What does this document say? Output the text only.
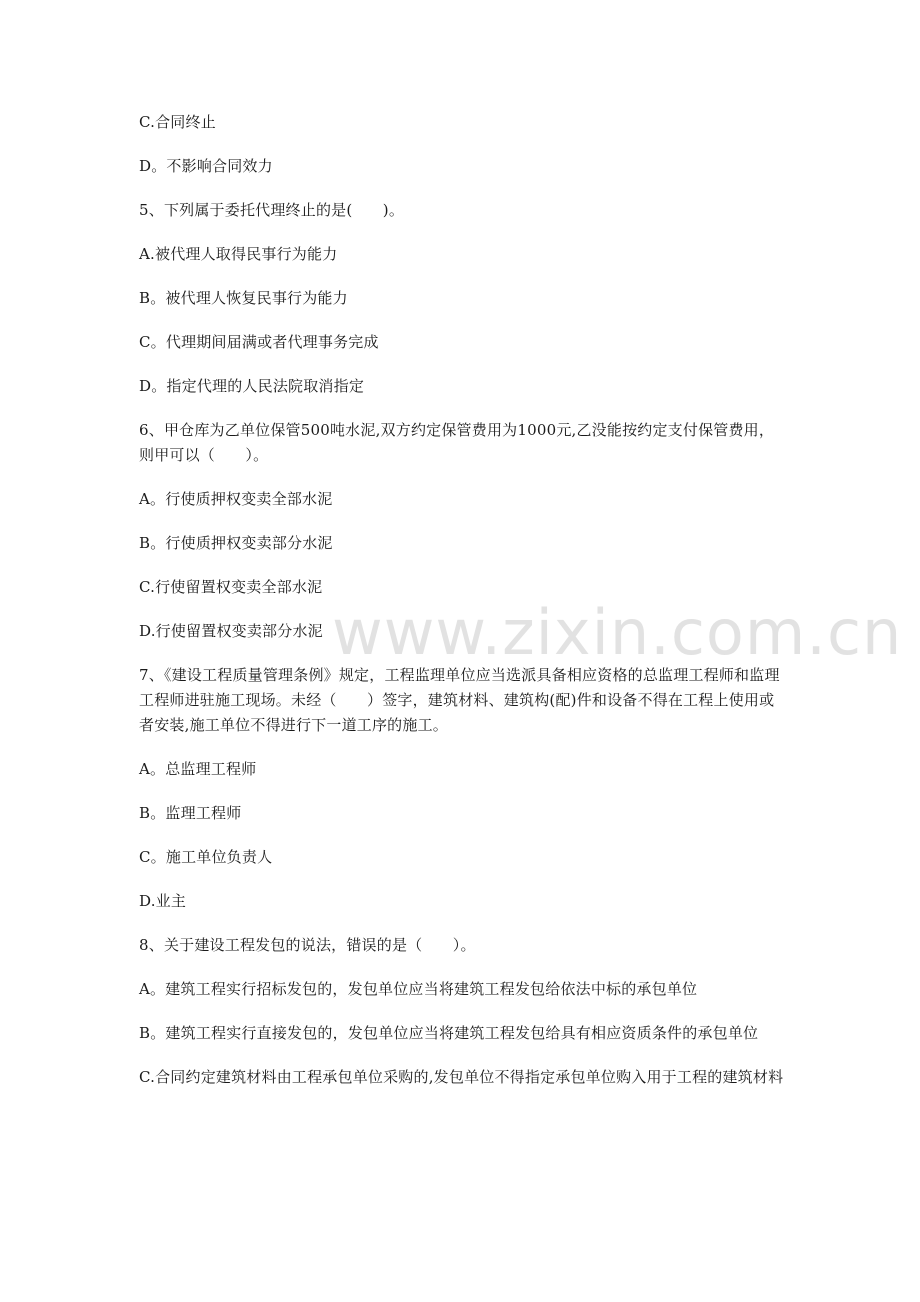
C.合同终止

D。不影响合同效力

5、下列属于委托代理终止的是(　　)。

A.被代理人取得民事行为能力

B。被代理人恢复民事行为能力

C。代理期间届满或者代理事务完成

D。指定代理的人民法院取消指定

6、甲仓库为乙单位保管500吨水泥,双方约定保管费用为1000元,乙没能按约定支付保管费用，则甲可以（　　）。

A。行使质押权变卖全部水泥

B。行使质押权变卖部分水泥

C.行使留置权变卖全部水泥

D.行使留置权变卖部分水泥

7、《建设工程质量管理条例》规定，工程监理单位应当选派具备相应资格的总监理工程师和监理工程师进驻施工现场。未经（　　）签字，建筑材料、建筑构(配)件和设备不得在工程上使用或者安装,施工单位不得进行下一道工序的施工。

A。总监理工程师

B。监理工程师

C。施工单位负责人

D.业主

8、关于建设工程发包的说法，错误的是（　　）。

A。建筑工程实行招标发包的，发包单位应当将建筑工程发包给依法中标的承包单位

B。建筑工程实行直接发包的，发包单位应当将建筑工程发包给具有相应资质条件的承包单位

C.合同约定建筑材料由工程承包单位采购的,发包单位不得指定承包单位购入用于工程的建筑材料

www.zixin.com.cn
